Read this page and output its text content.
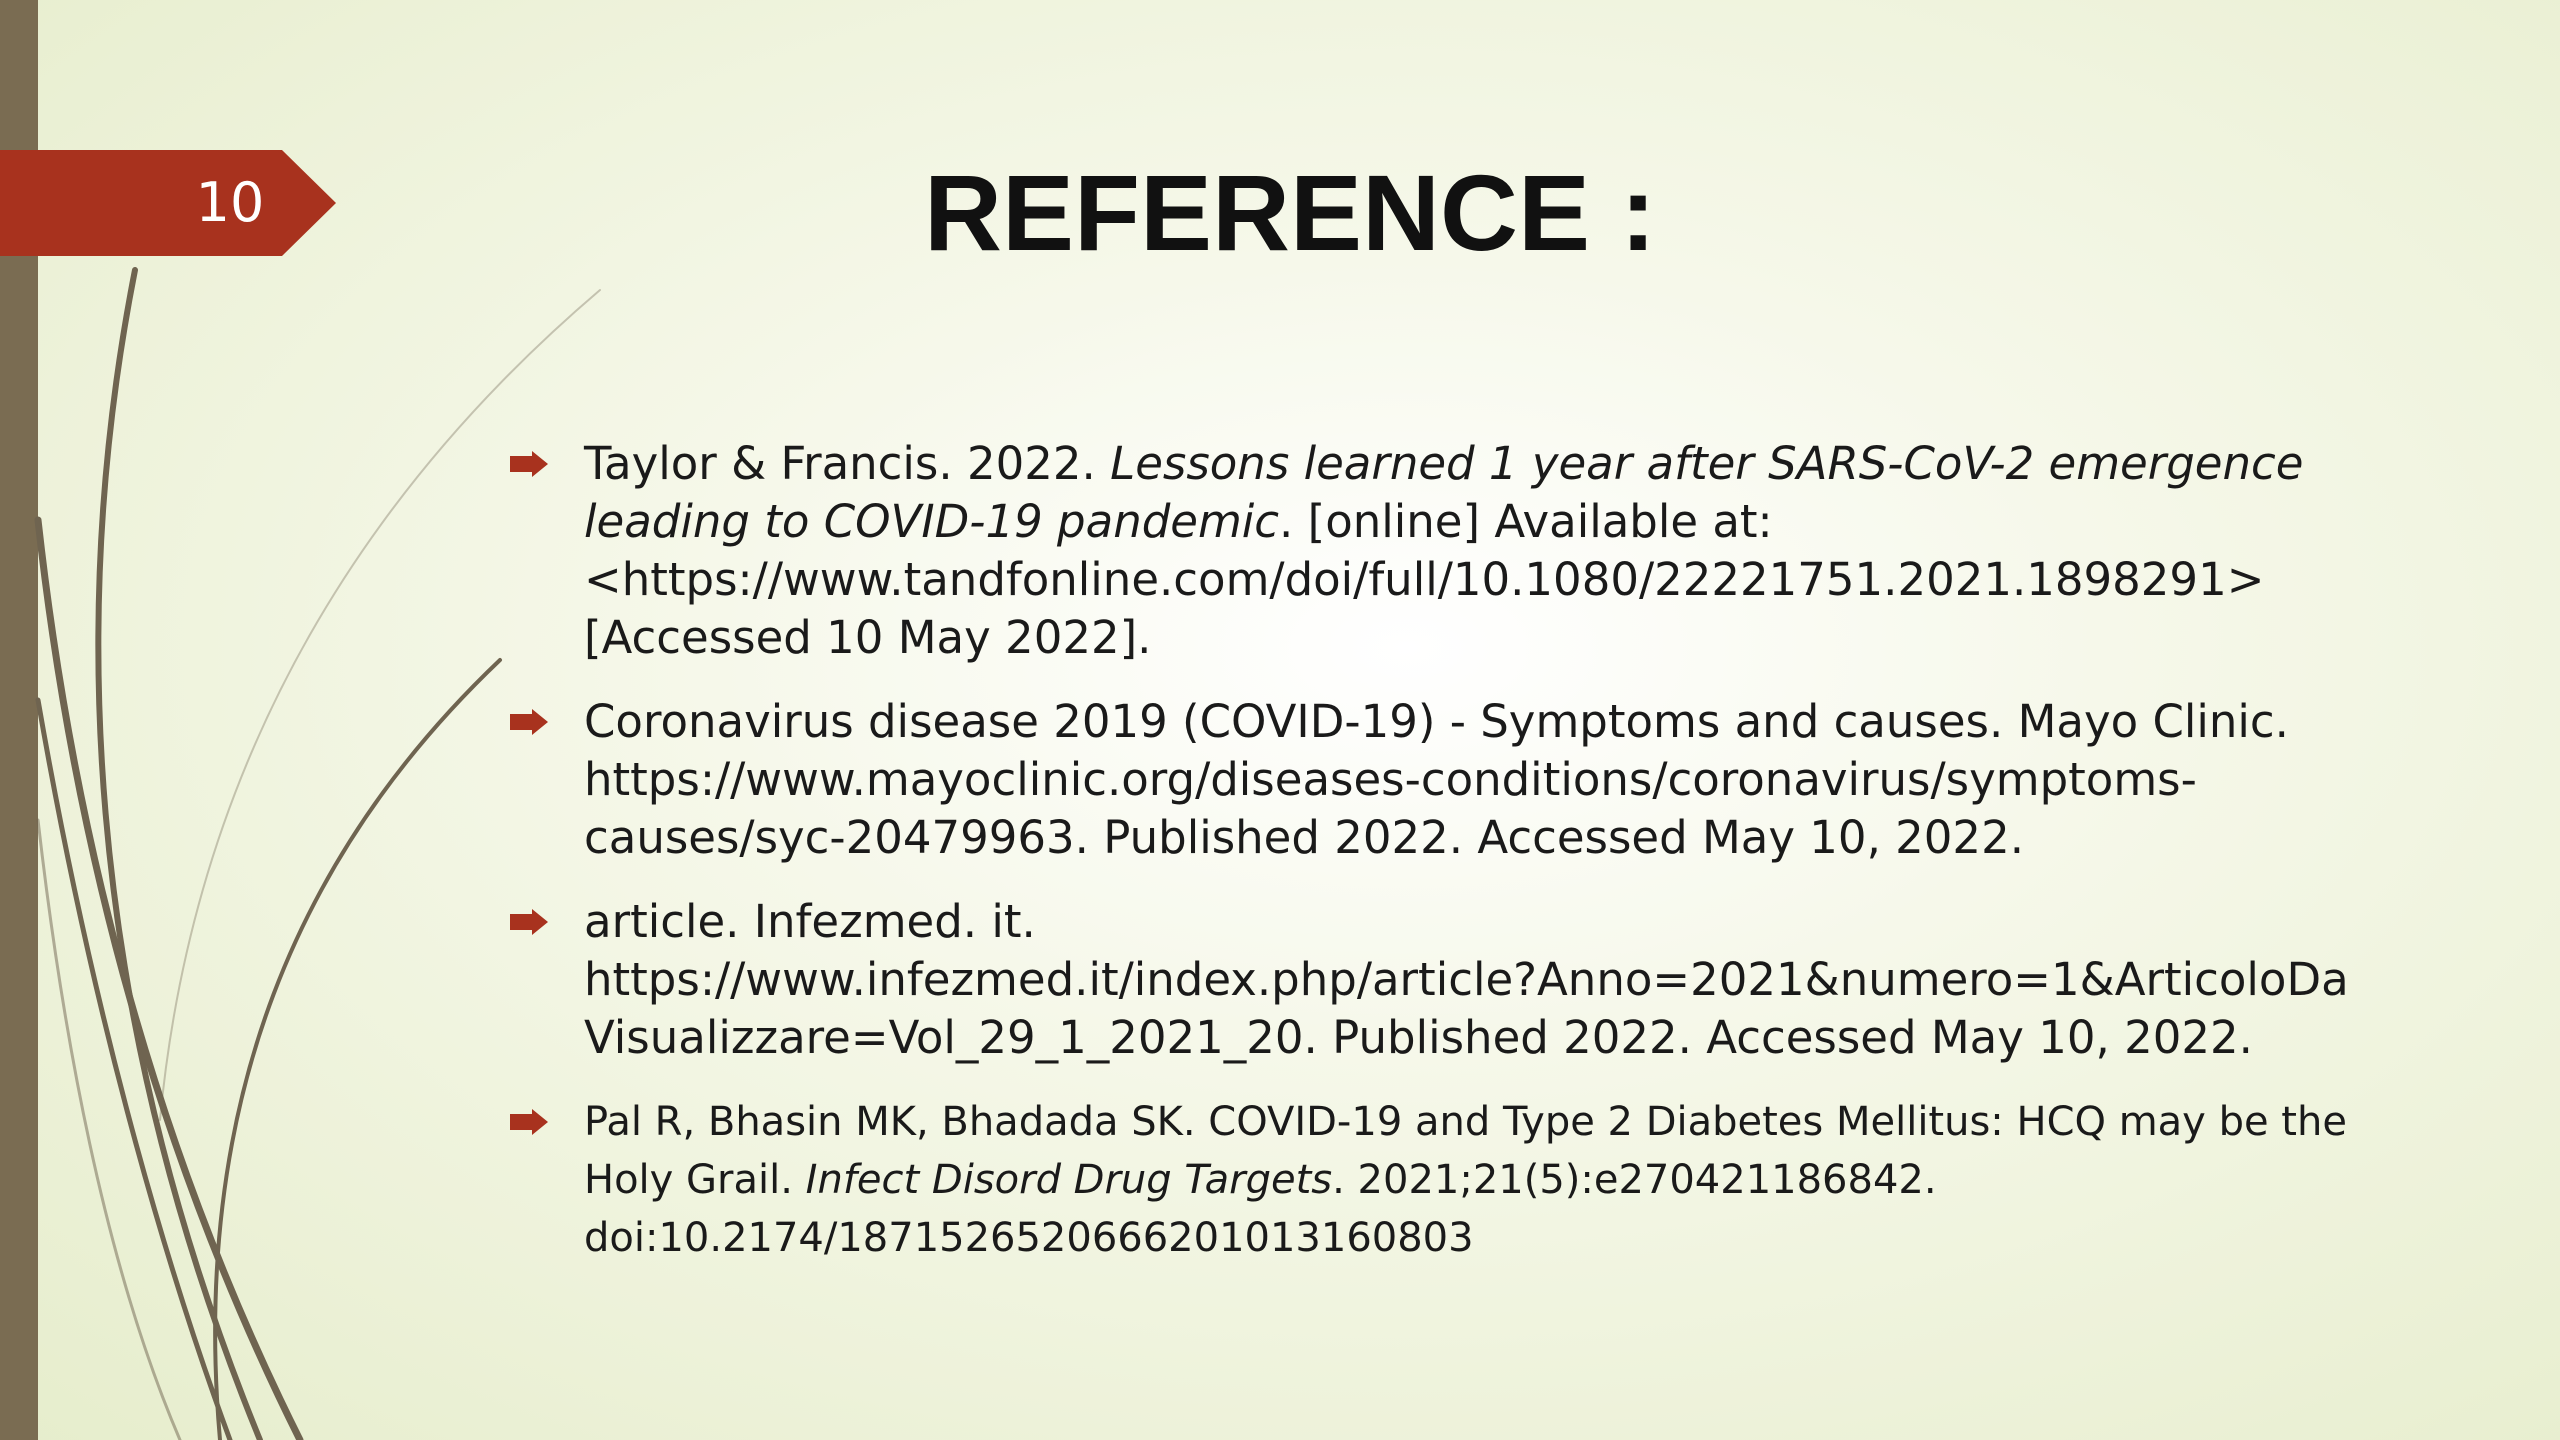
10	REFERENCE :
Taylor & Francis. 2022. Lessons learned 1 year after SARS-CoV-2 emergence
leading to COVID-19 pandemic. [online] Available at:
<https://www.tandfonline.com/doi/full/10.1080/22221751.2021.1898291>
[Accessed 10 May 2022].
Coronavirus disease 2019 (COVID-19) - Symptoms and causes. Mayo Clinic.
https://www.mayoclinic.org/diseases-conditions/coronavirus/symptoms-
causes/syc-20479963. Published 2022. Accessed May 10, 2022.
article. Infezmed. it.
https://www.infezmed.it/index.php/article?Anno=2021&numero=1&ArticoloDa
Visualizzare=Vol_29_1_2021_20. Published 2022. Accessed May 10, 2022.
Pal R, Bhasin MK, Bhadada SK. COVID-19 and Type 2 Diabetes Mellitus: HCQ may be the
Holy Grail. Infect Disord Drug Targets. 2021;21(5):e270421186842.
doi:10.2174/1871526520666201013160803
